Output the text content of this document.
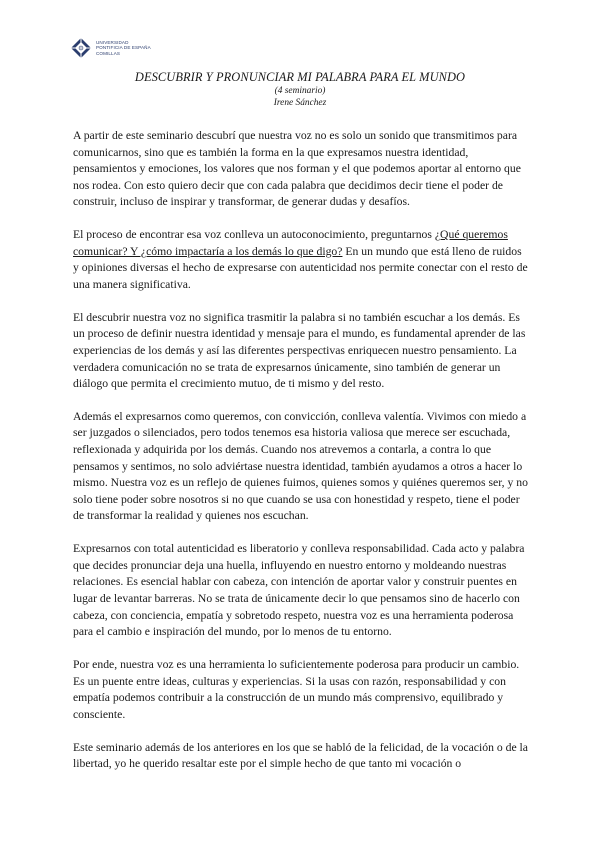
UNIVERSIDAD
PONTIFICIA DE ESPAÑA
COMILLAS
DESCUBRIR Y PRONUNCIAR MI PALABRA PARA EL MUNDO
(4 seminario)
Irene Sánchez

A partir de este seminario descubrí que nuestra voz no es solo un sonido que transmitimos para comunicarnos, sino que es también la forma en la que expresamos nuestra identidad, pensamientos y emociones, los valores que nos forman y el que podemos aportar al entorno que nos rodea. Con esto quiero decir que con cada palabra que decidimos decir tiene el poder de construir, incluso de inspirar y transformar, de generar dudas y desafíos.

El proceso de encontrar esa voz conlleva un autoconocimiento, preguntarnos ¿Qué queremos comunicar? Y ¿cómo impactaría a los demás lo que digo? En un mundo que está lleno de ruidos y opiniones diversas el hecho de expresarse con autenticidad nos permite conectar con el resto de una manera significativa.

El descubrir nuestra voz no significa trasmitir la palabra si no también escuchar a los demás. Es un proceso de definir nuestra identidad y mensaje para el mundo, es fundamental aprender de las experiencias de los demás y así las diferentes perspectivas enriquecen nuestro pensamiento. La verdadera comunicación no se trata de expresarnos únicamente, sino también de generar un diálogo que permita el crecimiento mutuo, de ti mismo y del resto.

Además el expresarnos como queremos, con convicción, conlleva valentía. Vivimos con miedo a ser juzgados o silenciados, pero todos tenemos esa historia valiosa que merece ser escuchada, reflexionada y adquirida por los demás. Cuando nos atrevemos a contarla, a contra lo que pensamos y sentimos, no solo adviértase nuestra identidad, también ayudamos a otros a hacer lo mismo. Nuestra voz es un reflejo de quienes fuimos, quienes somos y quiénes queremos ser, y no solo tiene poder sobre nosotros si no que cuando se usa con honestidad y respeto, tiene el poder de transformar la realidad y quienes nos escuchan.

Expresarnos con total autenticidad es liberatorio y conlleva responsabilidad. Cada acto y palabra que decides pronunciar deja una huella, influyendo en nuestro entorno y moldeando nuestras relaciones. Es esencial hablar con cabeza, con intención de aportar valor y construir puentes en lugar de levantar barreras. No se trata de únicamente decir lo que pensamos sino de hacerlo con cabeza, con conciencia, empatía y sobretodo respeto, nuestra voz es una herramienta poderosa para el cambio e inspiración del mundo, por lo menos de tu entorno.

Por ende, nuestra voz es una herramienta lo suficientemente poderosa para producir un cambio. Es un puente entre ideas, culturas y experiencias. Si la usas con razón, responsabilidad y con empatía podemos contribuir a la construcción de un mundo más comprensivo, equilibrado y consciente.

Este seminario además de los anteriores en los que se habló de la felicidad, de la vocación o de la libertad, yo he querido resaltar este por el simple hecho de que tanto mi vocación o
